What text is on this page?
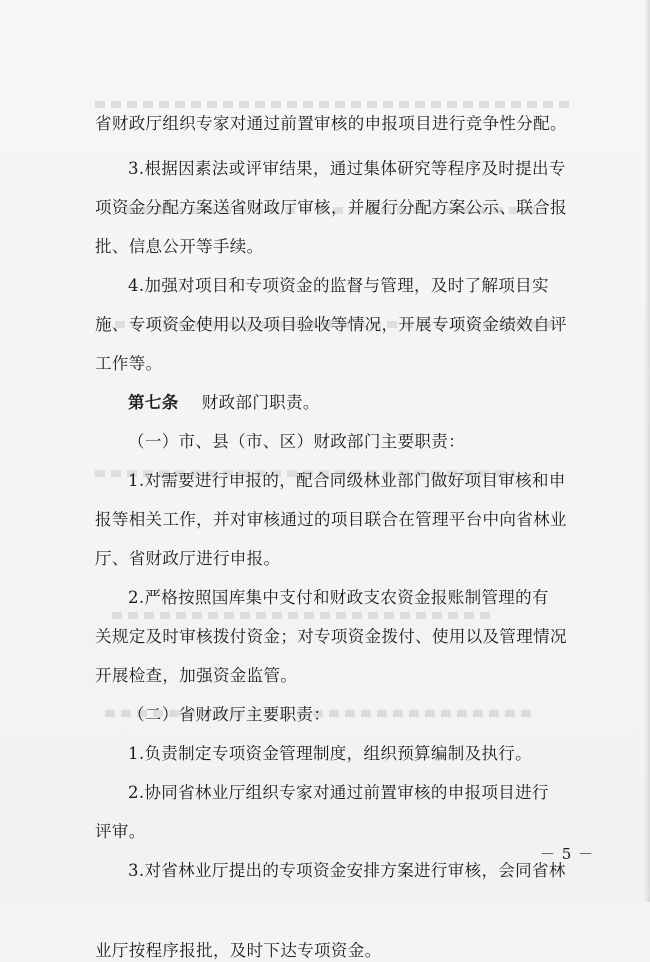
省财政厅组织专家对通过前置审核的申报项目进行竞争性分配。

3.根据因素法或评审结果，通过集体研究等程序及时提出专

项资金分配方案送省财政厅审核，并履行分配方案公示、联合报

批、信息公开等手续。

4.加强对项目和专项资金的监督与管理，及时了解项目实

施、专项资金使用以及项目验收等情况，开展专项资金绩效自评

工作等。

第七条 财政部门职责。

（一）市、县（市、区）财政部门主要职责：

1.对需要进行申报的，配合同级林业部门做好项目审核和申

报等相关工作，并对审核通过的项目联合在管理平台中向省林业

厅、省财政厅进行申报。

2.严格按照国库集中支付和财政支农资金报账制管理的有

关规定及时审核拨付资金；对专项资金拨付、使用以及管理情况

开展检查，加强资金监管。

（二）省财政厅主要职责：

1.负责制定专项资金管理制度，组织预算编制及执行。

2.协同省林业厅组织专家对通过前置审核的申报项目进行

评审。

3.对省林业厅提出的专项资金安排方案进行审核，会同省林

业厅按程序报批，及时下达专项资金。

－ 5 －
